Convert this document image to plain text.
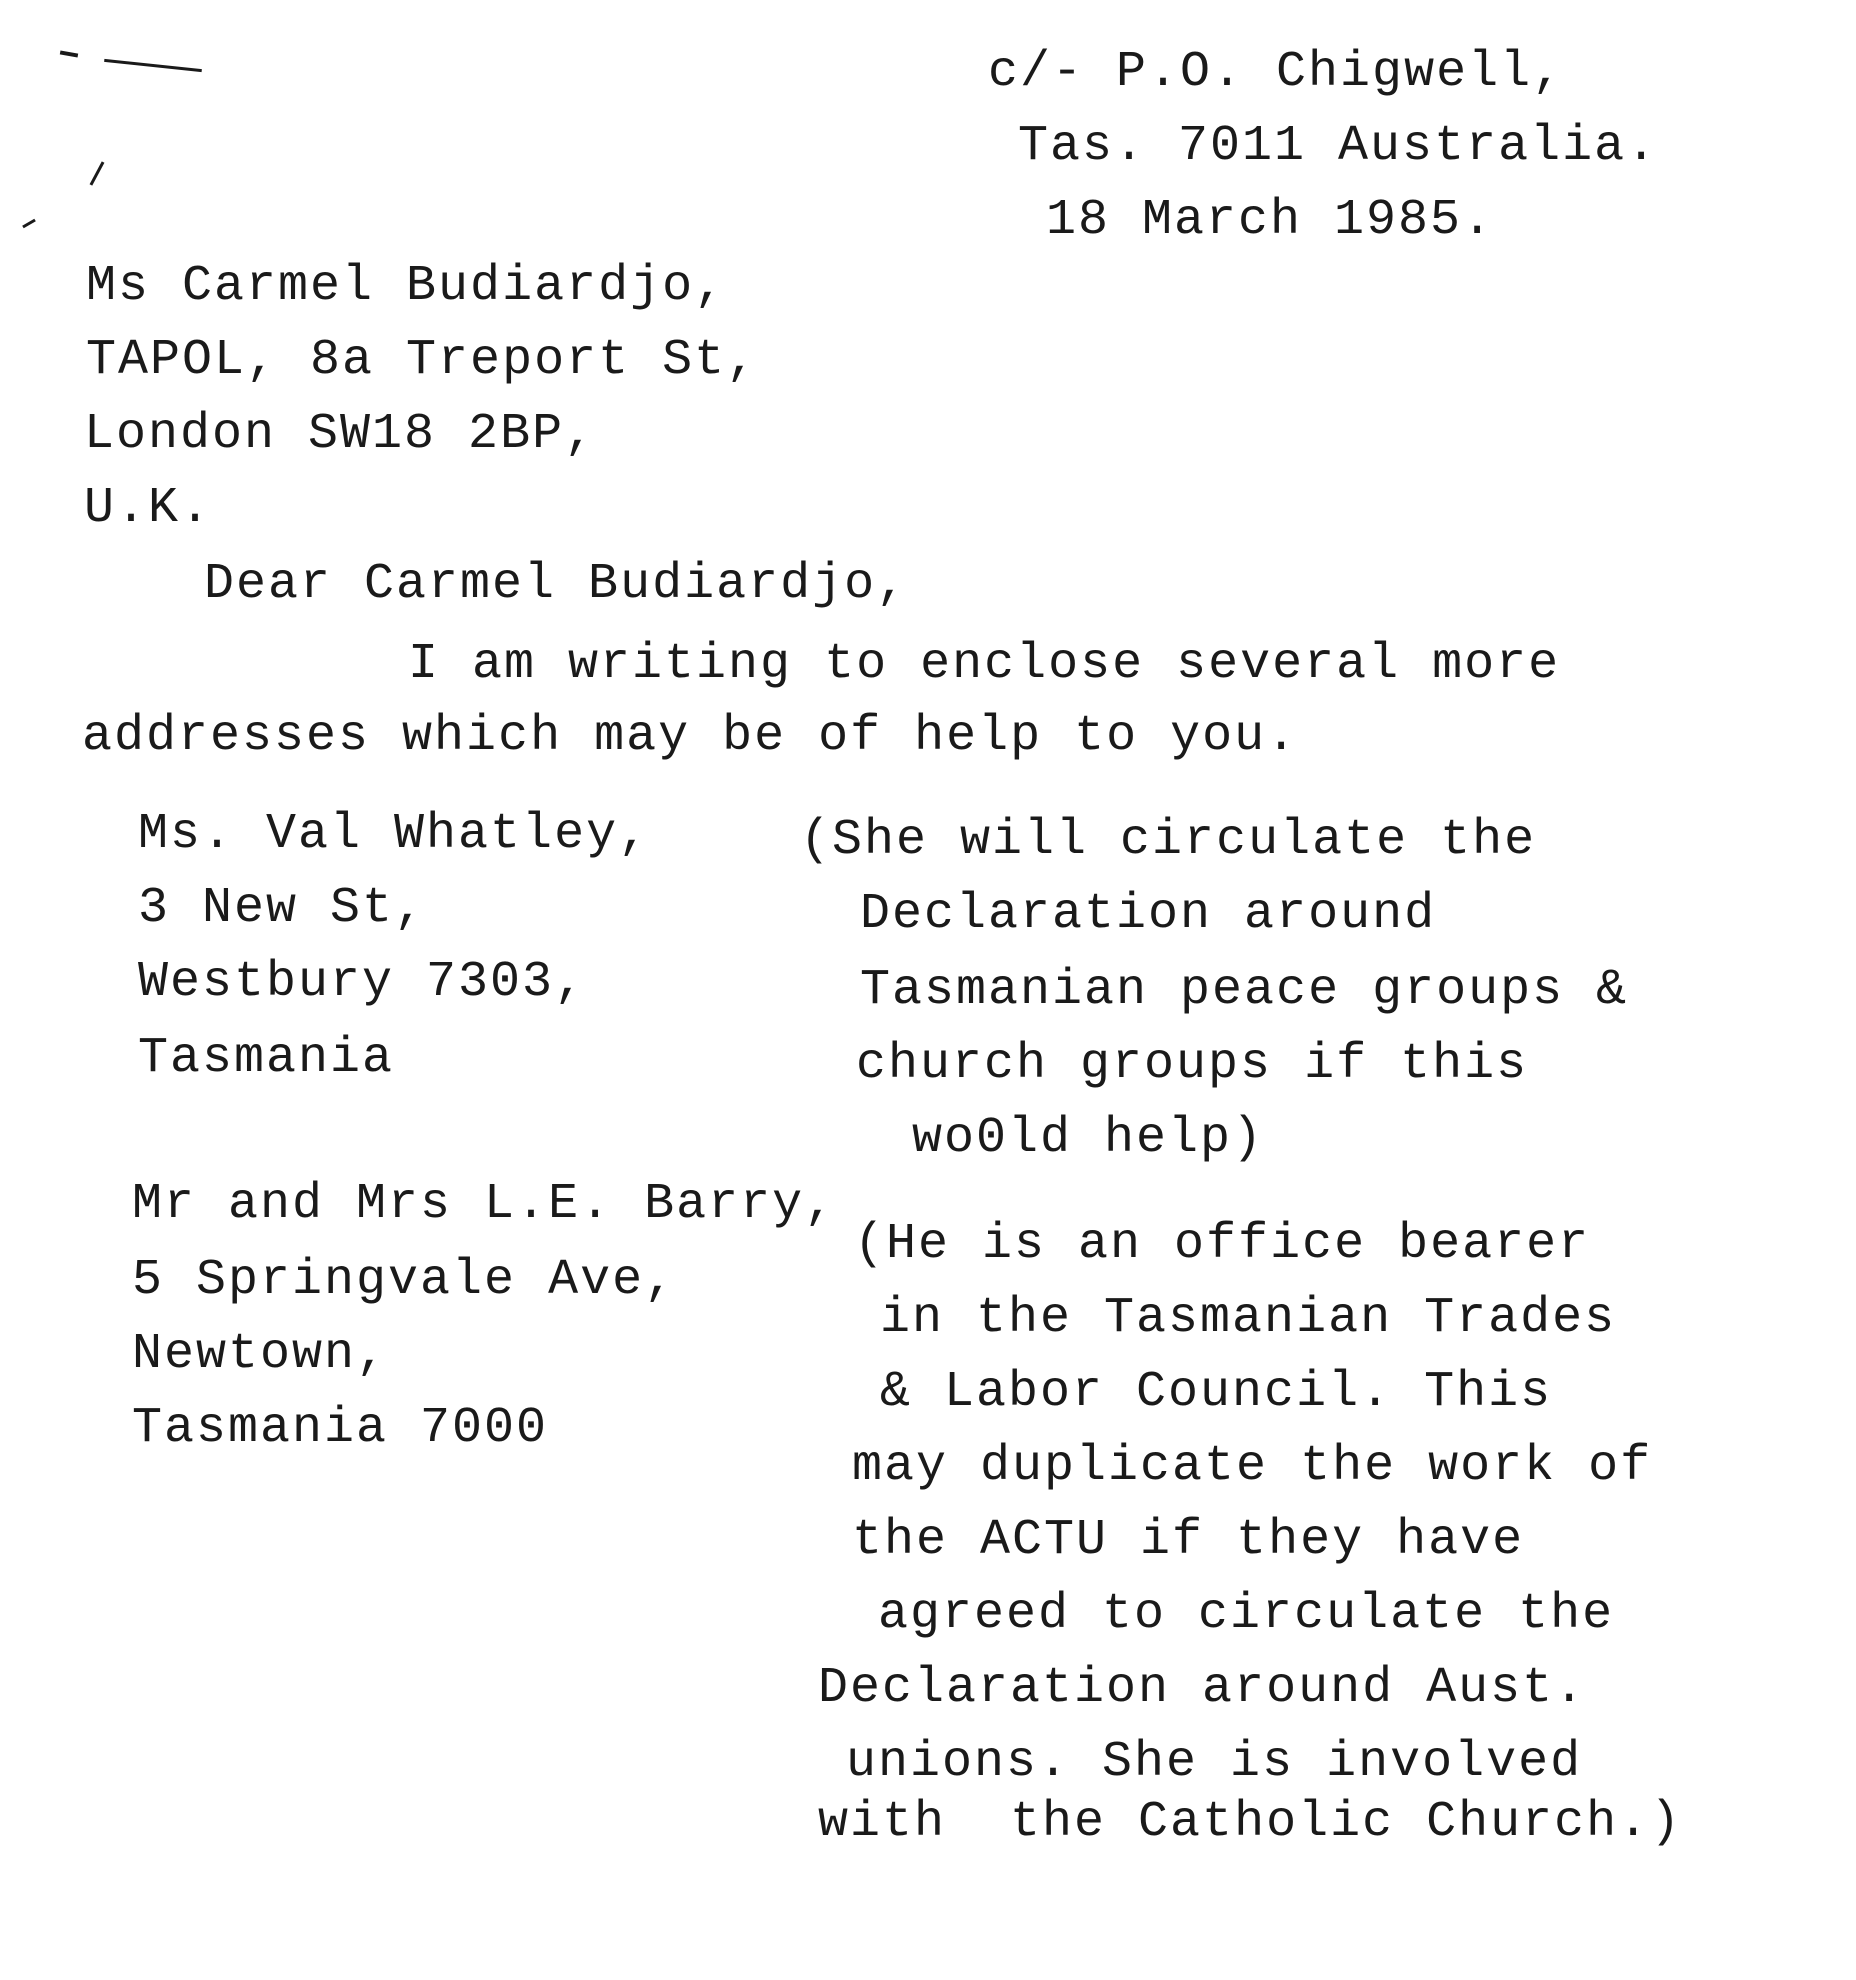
c/- P.O. Chigwell,
Tas. 7011 Australia.
18 March 1985.
Ms Carmel Budiardjo,
TAPOL, 8a Treport St,
London SW18 2BP,
U.K.
Dear Carmel Budiardjo,
I am writing to enclose several more
addresses which may be of help to you.
Ms. Val Whatley,
3 New St,
Westbury 7303,
Tasmania
(She will circulate the
Declaration around
Tasmanian peace groups &
church groups if this
wo0ld help)
Mr and Mrs L.E. Barry,
5 Springvale Ave,
Newtown,
Tasmania 7000
(He is an office bearer
in the Tasmanian Trades
& Labor Council. This
may duplicate the work of
the ACTU if they have
agreed to circulate the
Declaration around Aust.
unions. She is involved
with  the Catholic Church.)
